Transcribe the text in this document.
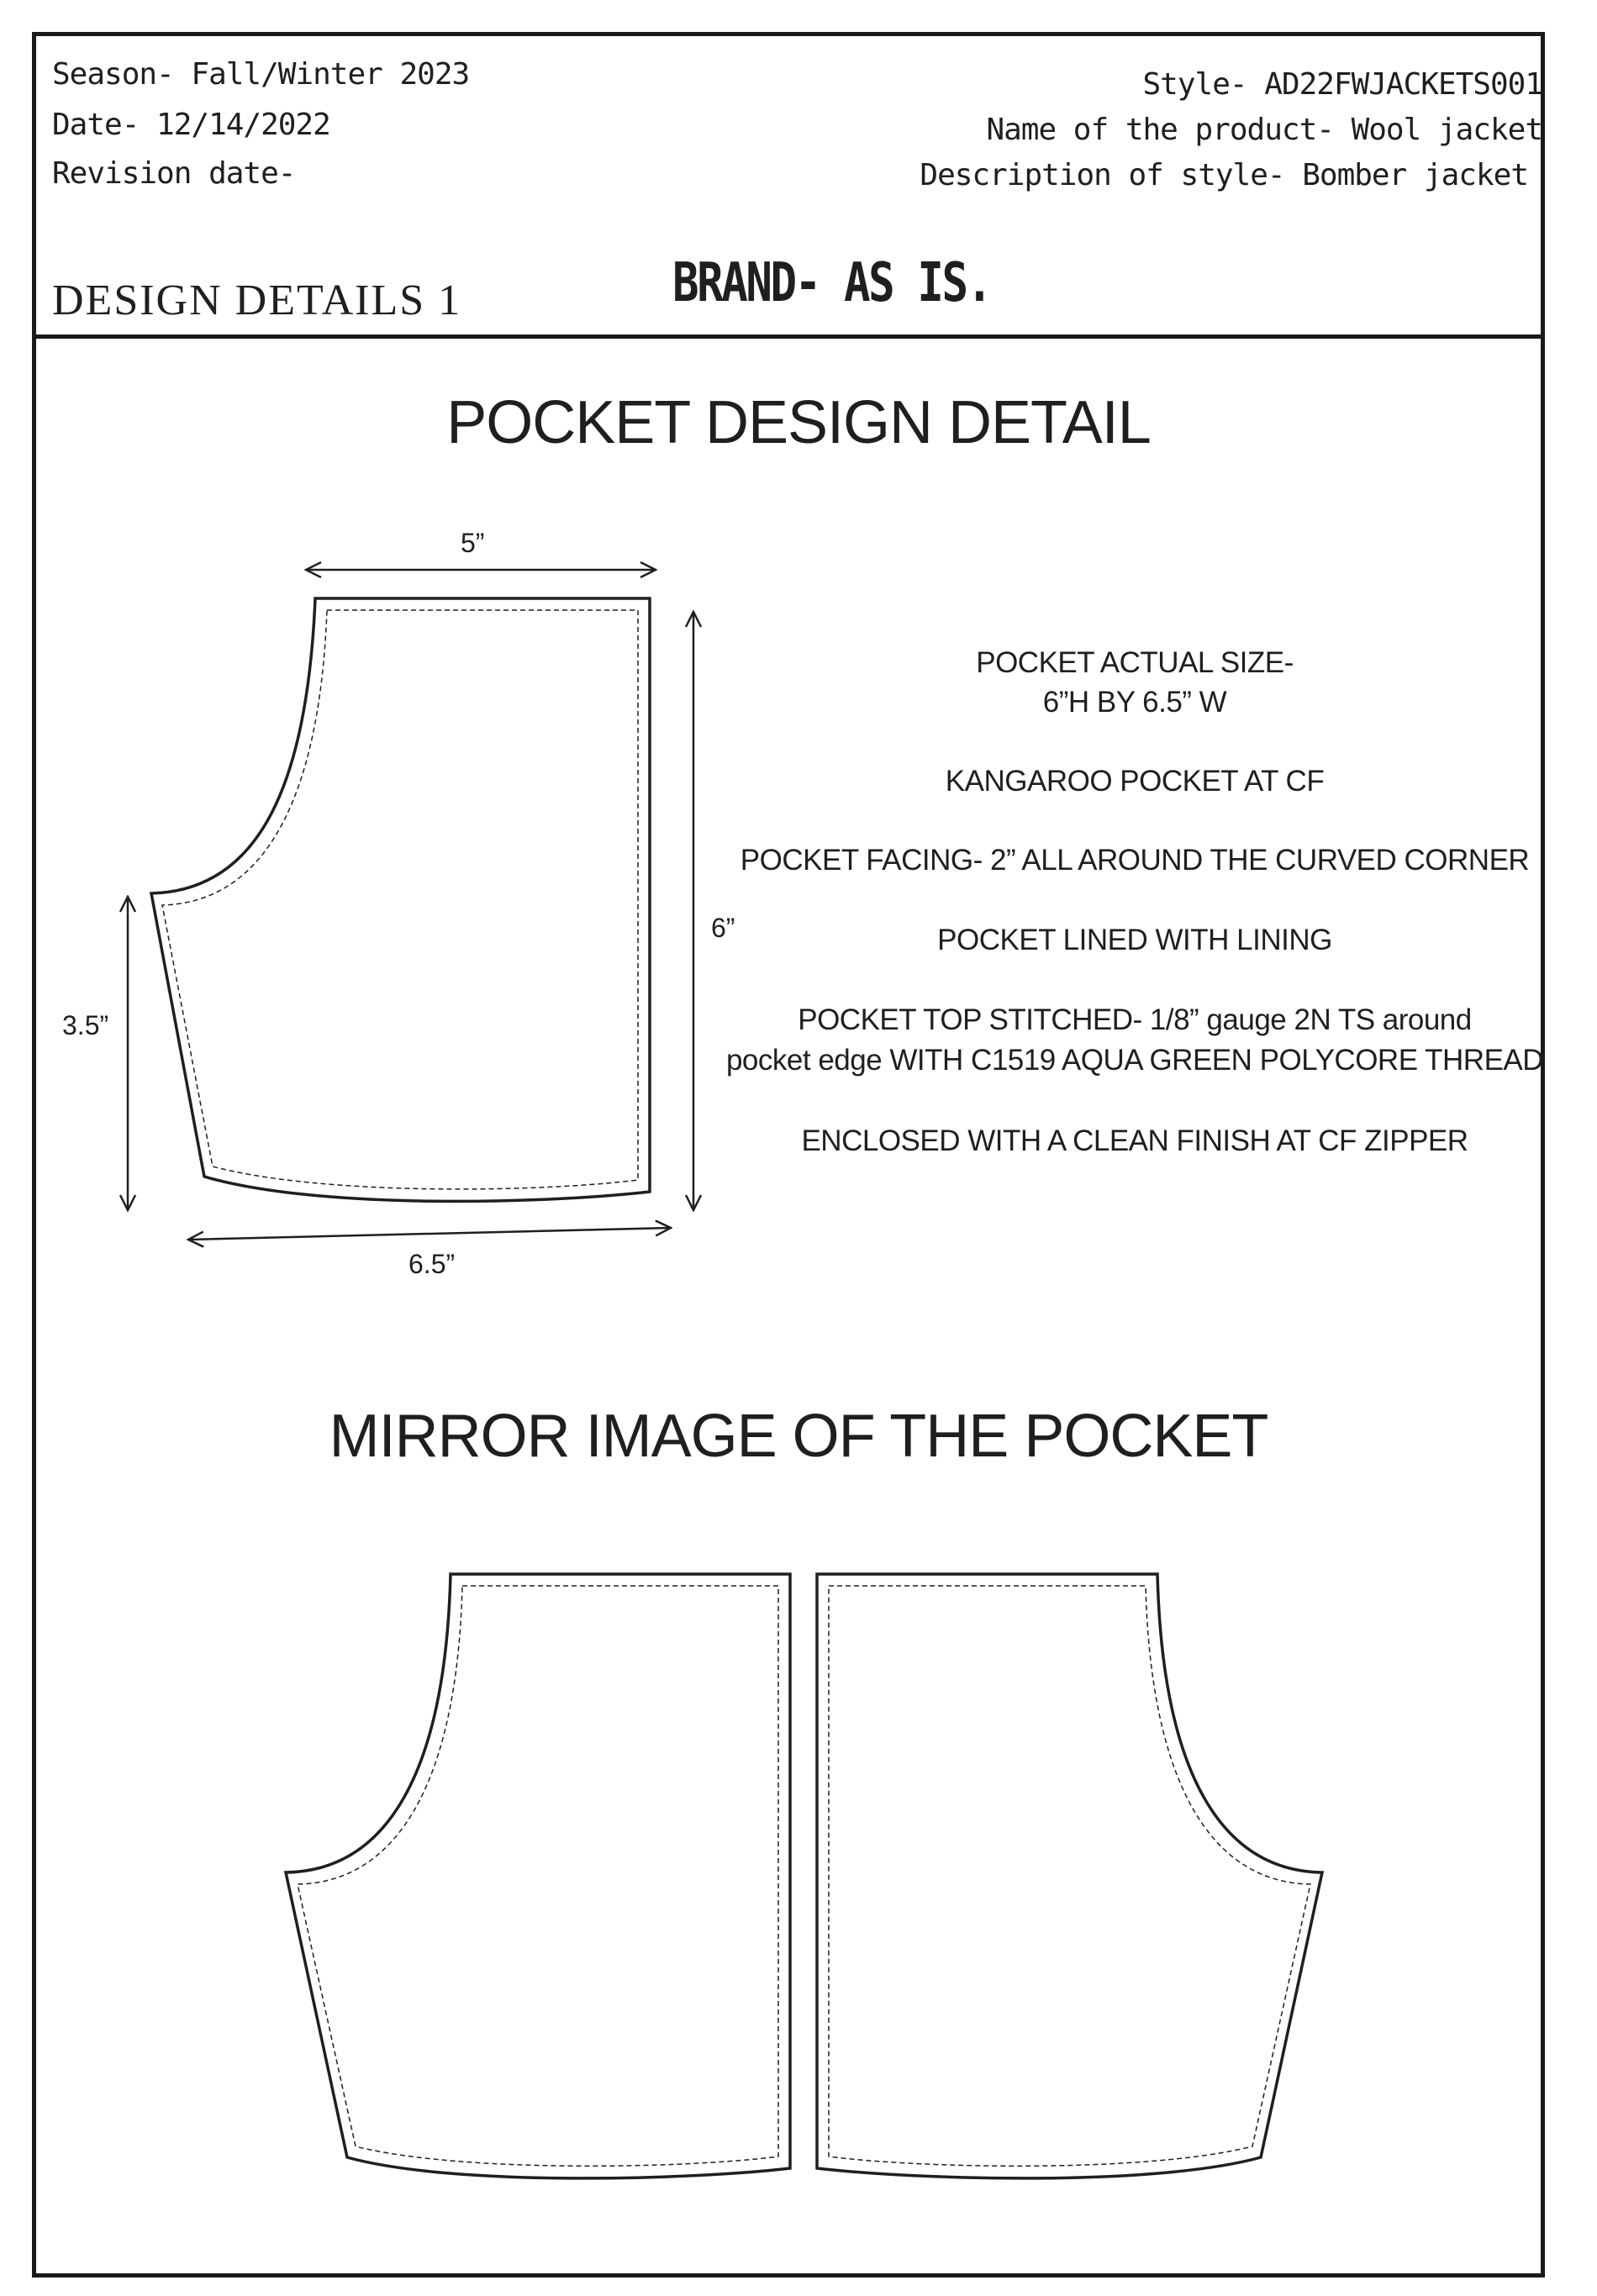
Season- Fall/Winter 2023
Date- 12/14/2022
Revision date-
Style- AD22FWJACKETS001
Name of the product- Wool jacket
Description of style- Bomber jacket
DESIGN DETAILS 1	BRAND- AS IS.
POCKET DESIGN DETAIL
5”
6”
3.5”
6.5”
POCKET ACTUAL SIZE-
6”H BY 6.5” W
KANGAROO POCKET AT CF
POCKET FACING- 2” ALL AROUND THE CURVED CORNER
POCKET LINED WITH LINING
POCKET TOP STITCHED- 1/8” gauge 2N TS around
pocket edge WITH C1519 AQUA GREEN POLYCORE THREAD
ENCLOSED WITH A CLEAN FINISH AT CF ZIPPER
MIRROR IMAGE OF THE POCKET
